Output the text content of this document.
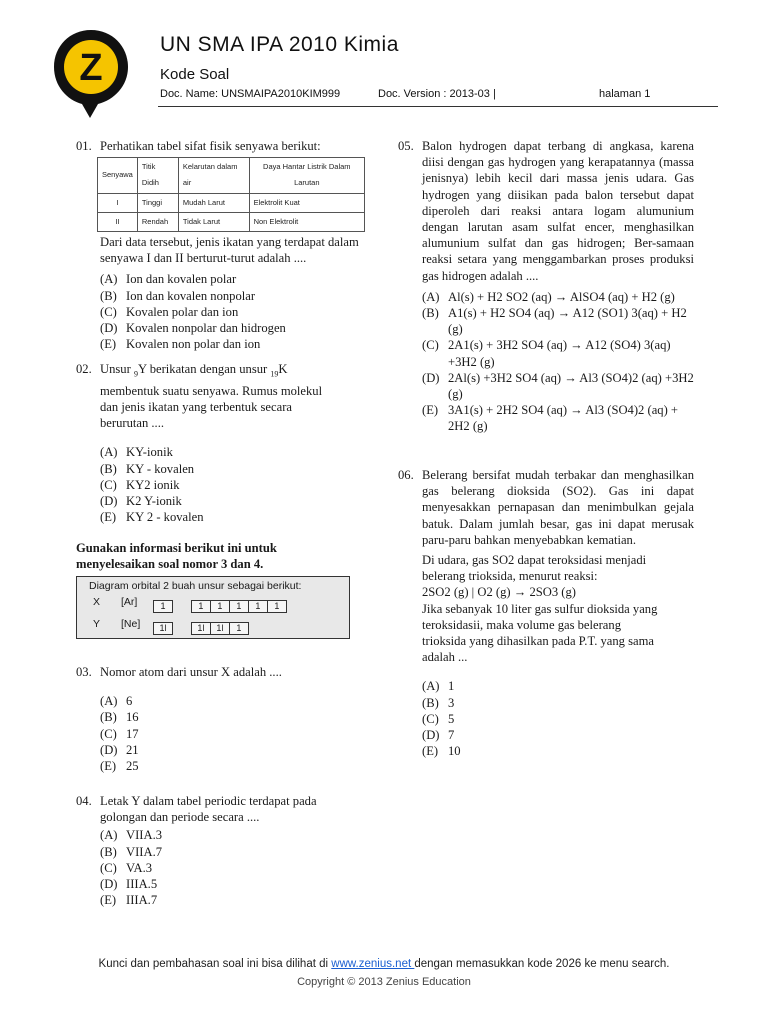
Z
UN SMA IPA 2010 Kimia
Kode Soal
Doc. Name: UNSMAIPA2010KIM999	Doc. Version : 2013-03 |	halaman 1
01. Perhatikan tabel sifat fisik senyawa berikut:
Senyawa	Titik Didih	Kelarutan dalam air	Daya Hantar Listrik Dalam Larutan
I	Tinggi	Mudah Larut	Elektrolit Kuat
II	Rendah	Tidak Larut	Non Elektrolit
Dari data tersebut, jenis ikatan yang terdapat dalam senyawa I dan II berturut-turut adalah ....
(A) Ion dan kovalen polar
(B) Ion dan kovalen nonpolar
(C) Kovalen polar dan ion
(D) Kovalen nonpolar dan hidrogen
(E) Kovalen non polar dan ion
02. Unsur $_9$Y berikatan dengan unsur $_{19}$K membentuk suatu senyawa. Rumus molekul dan jenis ikatan yang terbentuk secara berurutan ....
(A) KY-ionik
(B) KY - kovalen
(C) KY2 ionik
(D) K2 Y-ionik
(E) KY 2 - kovalen
Gunakan informasi berikut ini untuk menyelesaikan soal nomor 3 dan 4.
Diagram orbital 2 buah unsur sebagai berikut:
X [Ar]	1	1 1 1 1 1
Y [Ne]	1l	1l 1l 1
03. Nomor atom dari unsur X adalah ....
(A) 6
(B) 16
(C) 17
(D) 21
(E) 25
04. Letak Y dalam tabel periodic terdapat pada golongan dan periode secara ....
(A) VIIA.3
(B) VIIA.7
(C) VA.3
(D) IIIA.5
(E) IIIA.7
05. Balon hydrogen dapat terbang di angkasa, karena diisi dengan gas hydrogen yang kerapatannya (massa jenisnya) lebih kecil dari massa jenis udara. Gas hydrogen yang diisikan pada balon tersebut dapat diperoleh dari reaksi antara logam alumunium dengan larutan asam sulfat encer, menghasilkan alumunium sulfat dan gas hidrogen; Ber-samaan reaksi setara yang menggambarkan proses produksi gas hidrogen adalah ....
(A) Al(s) + H2 SO2 (aq) → AlSO4 (aq) + H2 (g)
(B) A1(s) + H2 SO4 (aq) → A12 (SO1) 3(aq) + H2 (g)
(C) 2A1(s) + 3H2 SO4 (aq) → A12 (SO4) 3(aq) +3H2 (g)
(D) 2Al(s) +3H2 SO4 (aq) → Al3 (SO4)2 (aq) +3H2 (g)
(E) 3A1(s) + 2H2 SO4 (aq) → Al3 (SO4)2 (aq) + 2H2 (g)
06. Belerang bersifat mudah terbakar dan menghasilkan gas belerang dioksida (SO2). Gas ini dapat menyesakkan pernapasan dan menimbulkan gejala batuk. Dalam jumlah besar, gas ini dapat merusak paru-paru bahkan menyebabkan kematian.
Di udara, gas SO2 dapat teroksidasi menjadi belerang trioksida, menurut reaksi:
2SO2 (g) | O2 (g) → 2SO3 (g)
Jika sebanyak 10 liter gas sulfur dioksida yang teroksidasii, maka volume gas belerang trioksida yang dihasilkan pada P.T. yang sama adalah ...
(A) 1
(B) 3
(C) 5
(D) 7
(E) 10
Kunci dan pembahasan soal ini bisa dilihat di www.zenius.net dengan memasukkan kode 2026 ke menu search.
Copyright © 2013 Zenius Education
